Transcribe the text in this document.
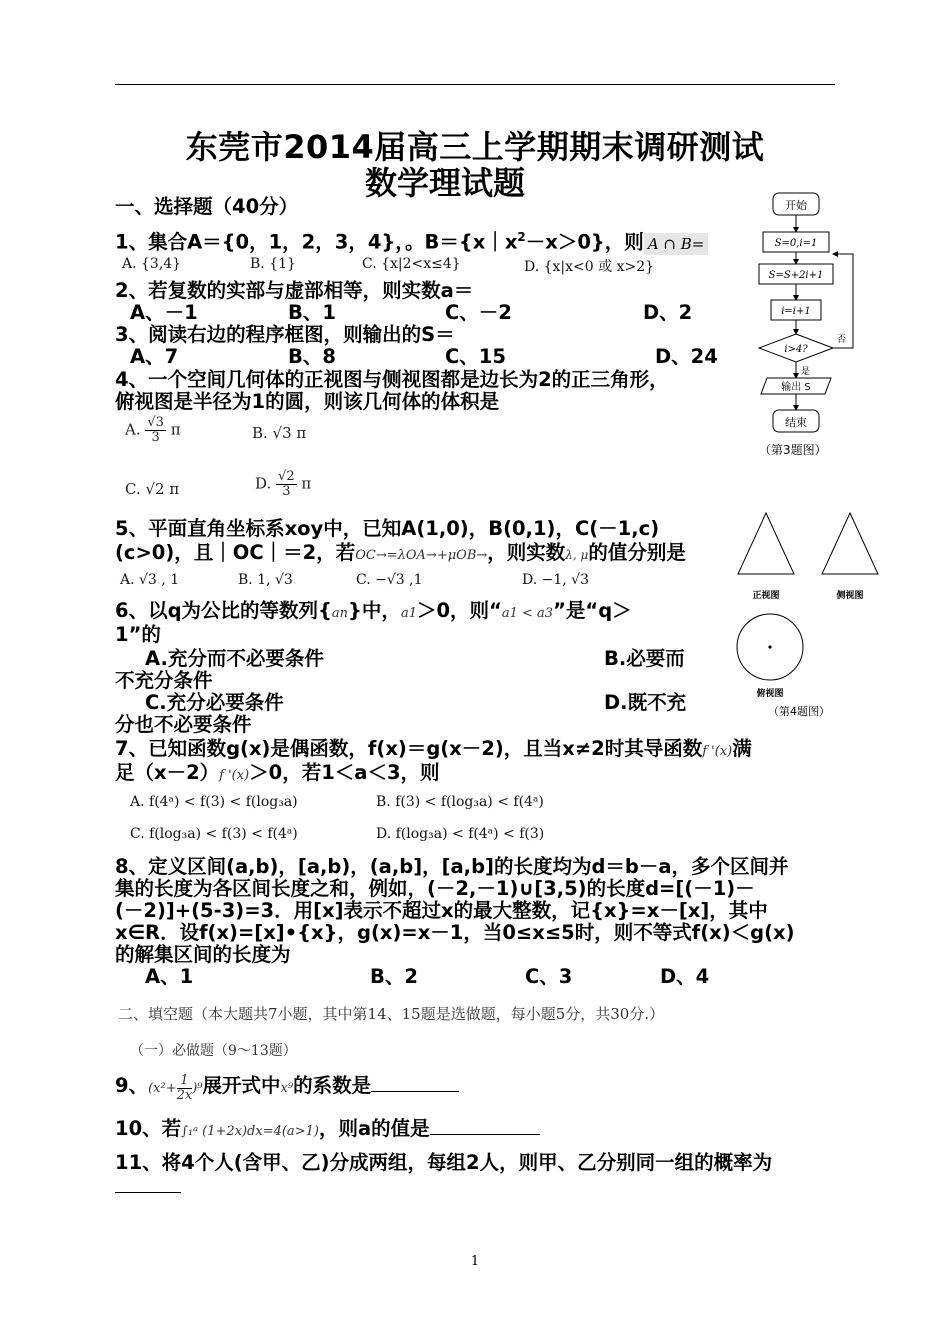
东莞市2014届高三上学期期末调研测试
数学理试题
一、选择题（40分）
1、集合A＝{0，1，2，3，4}，。$B=\{x|x^2-x>0\}$，则 A ∩ B=
A. {3,4}	B. {1}	C. {x|2<x≤4}	D. {x|x<0 或 x>2}
2、若复数的实部与虚部相等，则实数a＝
A、－1	B、1	C、－2	D、2
3、阅读右边的程序框图，则输出的S＝
A、7	B、8	C、15	D、24
4、一个空间几何体的正视图与侧视图都是边长为2的正三角形，
俯视图是半径为1的圆，则该几何体的体积是
A. $\frac{√3}{3}$ π	B. √3 π
C. √2 π	D. $\frac{√2}{3}$ π
5、平面直角坐标系xoy中，已知A(1,0)，B(0,1)，C(－1,c)
(c>0)，且｜OC｜＝2，若OC→=λOA→+μOB→，则实数λ, μ的值分别是
A. √3 , 1	B. 1, √3	C. −√3 ,1	D. −1, √3
6、以q为公比的等数列{an}中，a1＞0，则“a1 < a3”是“q＞
1”的
A.充分而不必要条件	B.必要而
不充分条件
C.充分必要条件	D.既不充
分也不必要条件
7、已知函数g(x)是偶函数，f(x)＝g(x－2)，且当x≠2时其导函数f '(x)满
足（x－2）f '(x)＞0，若1＜a＜3，则
A. f(4ᵃ) < f(3) < f(log₃a)	B. f(3) < f(log₃a) < f(4ᵃ)
C. f(log₃a) < f(3) < f(4ᵃ)	D. f(log₃a) < f(4ᵃ) < f(3)
8、定义区间(a,b)，[a,b)，(a,b]，[a,b]的长度均为d＝b－a，多个区间并
集的长度为各区间长度之和，例如，(－2,－1)∪[3,5)的长度d=[(－1)－
(－2)]+(5-3)=3．用[x]表示不超过x的最大整数，记{x}=x－[x]，其中
x∈R．设f(x)=[x]•{x}，g(x)=x－1，当0≤x≤5时，则不等式f(x)＜g(x)
的解集区间的长度为
A、1	B、2	C、3	D、4
二、填空题（本大题共7小题，其中第14、15题是选做题，每小题5分，共30分.）
（一）必做题（9～13题）
9、$(x^2+ \frac{1}{2x} )^9$展开式中x⁹的系数是
10、若∫₁ᵃ (1+2x)dx=4(a>1)，则a的值是
11、将4个人(含甲、乙)分成两组，每组2人，则甲、乙分别同一组的概率为
开始
S=0,i=1
S=S+2i+1
i=i+1
i>4?
否
是
输出 S
结束
（第3题图）
正视图	侧视图
俯视图
（第4题图）
1
